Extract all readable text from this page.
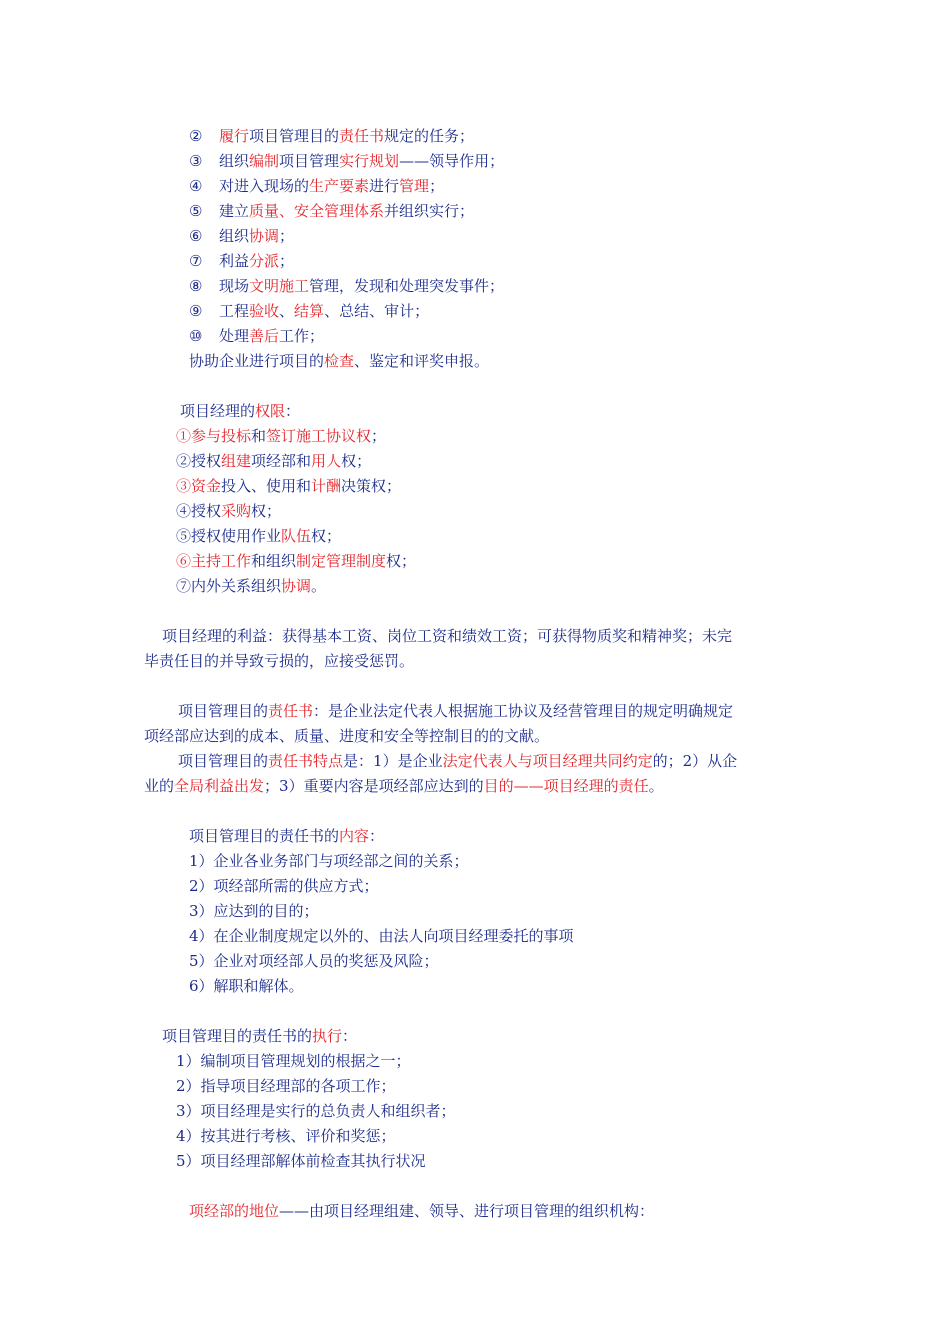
② 履行项目管理目的责任书规定的任务；
③ 组织编制项目管理实行规划——领导作用；
④ 对进入现场的生产要素进行管理；
⑤ 建立质量、安全管理体系并组织实行；
⑥ 组织协调；
⑦ 利益分派；
⑧ 现场文明施工管理，发现和处理突发事件；
⑨ 工程验收、结算、总结、审计；
⑩ 处理善后工作；
协助企业进行项目的检查、鉴定和评奖申报。
项目经理的权限：
①参与投标和签订施工协议权；
②授权组建项经部和用人权；
③资金投入、使用和计酬决策权；
④授权采购权；
⑤授权使用作业队伍权；
⑥主持工作和组织制定管理制度权；
⑦内外关系组织协调。
项目经理的利益：获得基本工资、岗位工资和绩效工资；可获得物质奖和精神奖；未完
毕责任目的并导致亏损的，应接受惩罚。
项目管理目的责任书：是企业法定代表人根据施工协议及经营管理目的规定明确规定
项经部应达到的成本、质量、进度和安全等控制目的的文献。
项目管理目的责任书特点是：1）是企业法定代表人与项目经理共同约定的；2）从企
业的全局利益出发；3）重要内容是项经部应达到的目的——项目经理的责任。
项目管理目的责任书的内容：
1）企业各业务部门与项经部之间的关系；
2）项经部所需的供应方式；
3）应达到的目的；
4）在企业制度规定以外的、由法人向项目经理委托的事项
5）企业对项经部人员的奖惩及风险；
6）解职和解体。
项目管理目的责任书的执行：
1）编制项目管理规划的根据之一；
2）指导项目经理部的各项工作；
3）项目经理是实行的总负责人和组织者；
4）按其进行考核、评价和奖惩；
5）项目经理部解体前检查其执行状况
项经部的地位——由项目经理组建、领导、进行项目管理的组织机构：
